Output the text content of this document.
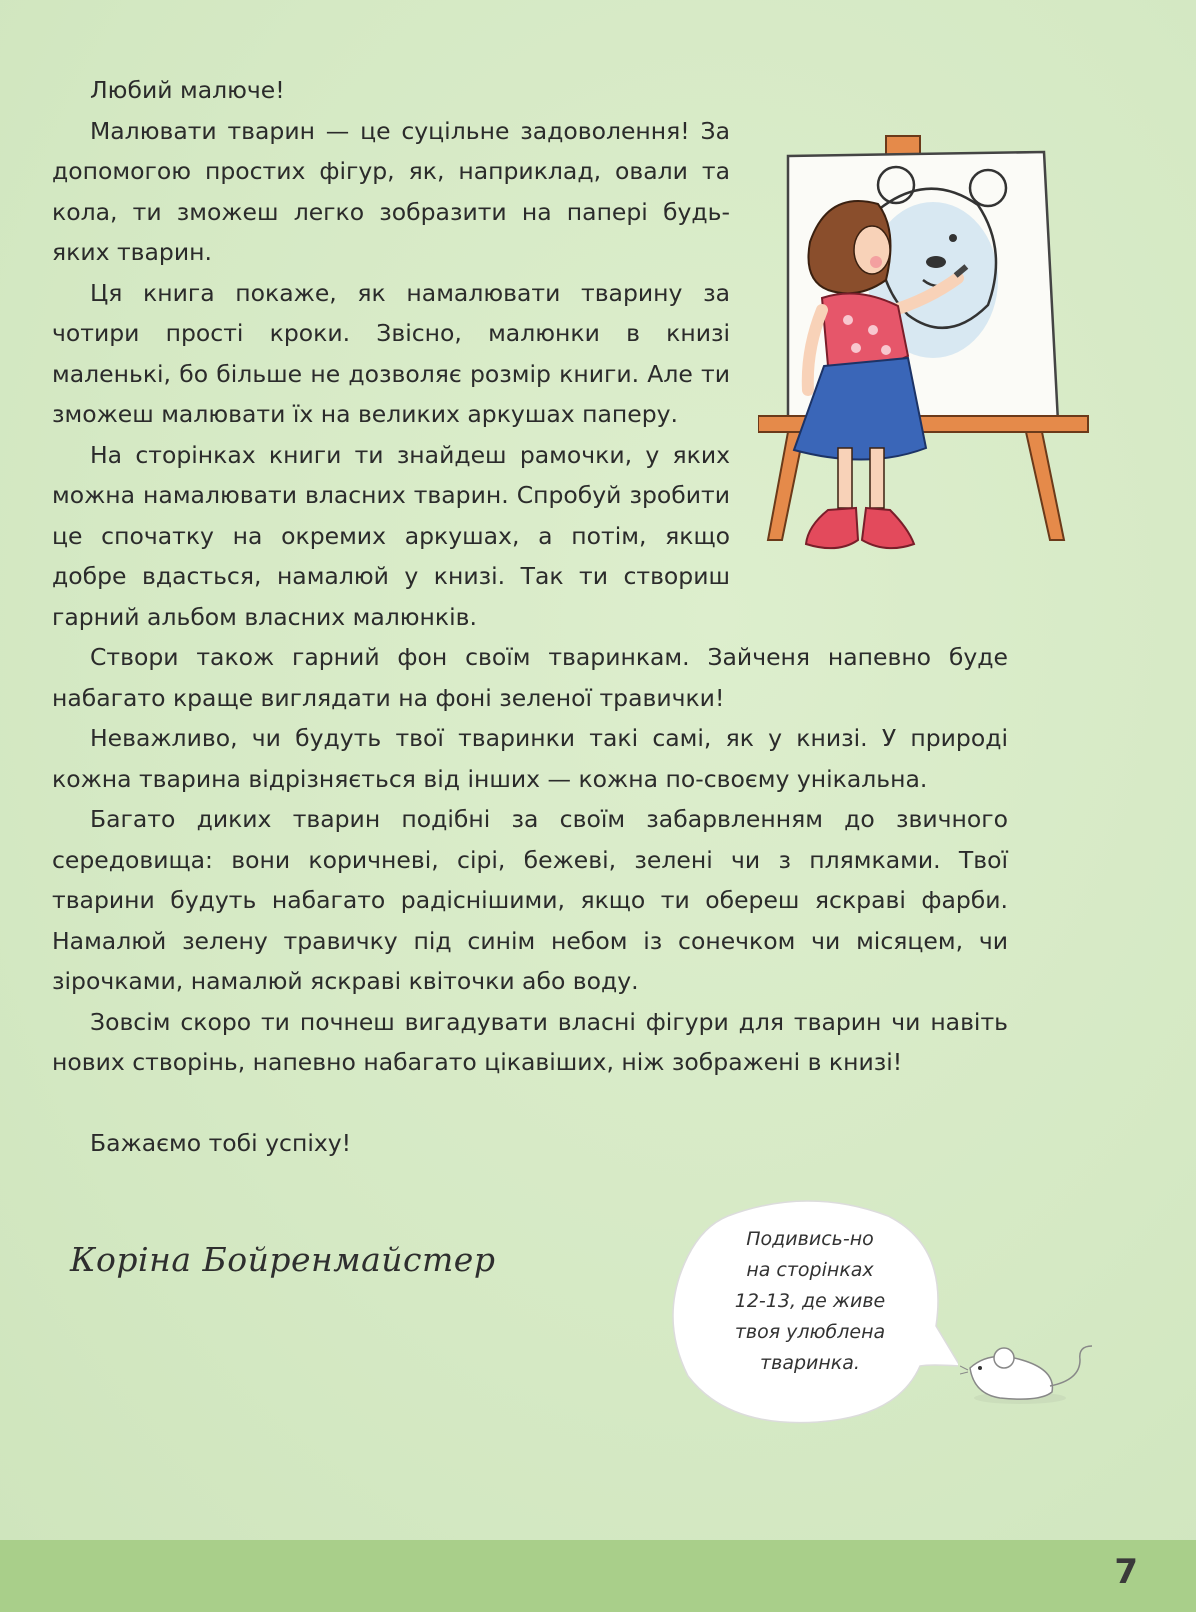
Любий малюче!

Малювати тварин — це суцільне задоволення! За допомогою простих фігур, як, наприклад, овали та кола, ти зможеш легко зобразити на папері будь-яких тварин.

Ця книга покаже, як намалювати тварину за чотири прості кроки. Звісно, малюнки в книзі маленькі, бо більше не дозволяє розмір книги. Але ти зможеш малювати їх на великих аркушах паперу.

На сторінках книги ти знайдеш рамочки, у яких можна намалювати власних тварин. Спробуй зробити це спочатку на окремих аркушах, а потім, якщо добре вдасться, намалюй у книзі. Так ти створиш гарний альбом власних малюнків.

Створи також гарний фон своїм тваринкам. Зайченя напевно буде набагато краще виглядати на фоні зеленої травички!

Неважливо, чи будуть твої тваринки такі самі, як у книзі. У природі кожна тварина відрізняється від інших — кожна по-своєму унікальна.

Багато диких тварин подібні за своїм забарвленням до звичного середовища: вони коричневі, сірі, бежеві, зелені чи з плямками. Твої тварини будуть набагато радіснішими, якщо ти обереш яскраві фарби. Намалюй зелену травичку під синім небом із сонечком чи місяцем, чи зірочками, намалюй яскраві квіточки або воду.

Зовсім скоро ти почнеш вигадувати власні фігури для тварин чи навіть нових створінь, напевно набагато цікавіших, ніж зображені в книзі!

Бажаємо тобі успіху!

Коріна Бойренмайстер
Подивись-но
на сторінках
12-13, де живе
твоя улюблена
тваринка.
7
